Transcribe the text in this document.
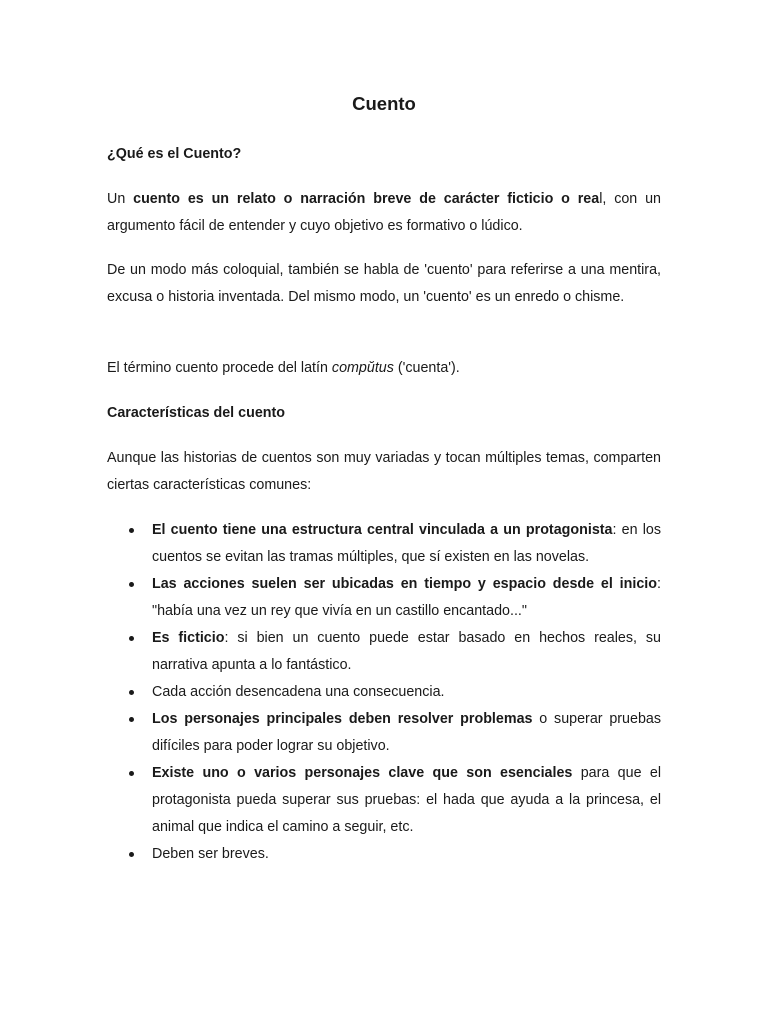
Cuento

¿Qué es el Cuento?

Un cuento es un relato o narración breve de carácter ficticio o real, con un argumento fácil de entender y cuyo objetivo es formativo o lúdico.

De un modo más coloquial, también se habla de 'cuento' para referirse a una mentira, excusa o historia inventada. Del mismo modo, un 'cuento' es un enredo o chisme.

El término cuento procede del latín compŭtus ('cuenta').

Características del cuento

Aunque las historias de cuentos son muy variadas y tocan múltiples temas, comparten ciertas características comunes:

El cuento tiene una estructura central vinculada a un protagonista: en los cuentos se evitan las tramas múltiples, que sí existen en las novelas.
Las acciones suelen ser ubicadas en tiempo y espacio desde el inicio: "había una vez un rey que vivía en un castillo encantado..."
Es ficticio: si bien un cuento puede estar basado en hechos reales, su narrativa apunta a lo fantástico.
Cada acción desencadena una consecuencia.
Los personajes principales deben resolver problemas o superar pruebas difíciles para poder lograr su objetivo.
Existe uno o varios personajes clave que son esenciales para que el protagonista pueda superar sus pruebas: el hada que ayuda a la princesa, el animal que indica el camino a seguir, etc.
Deben ser breves.
